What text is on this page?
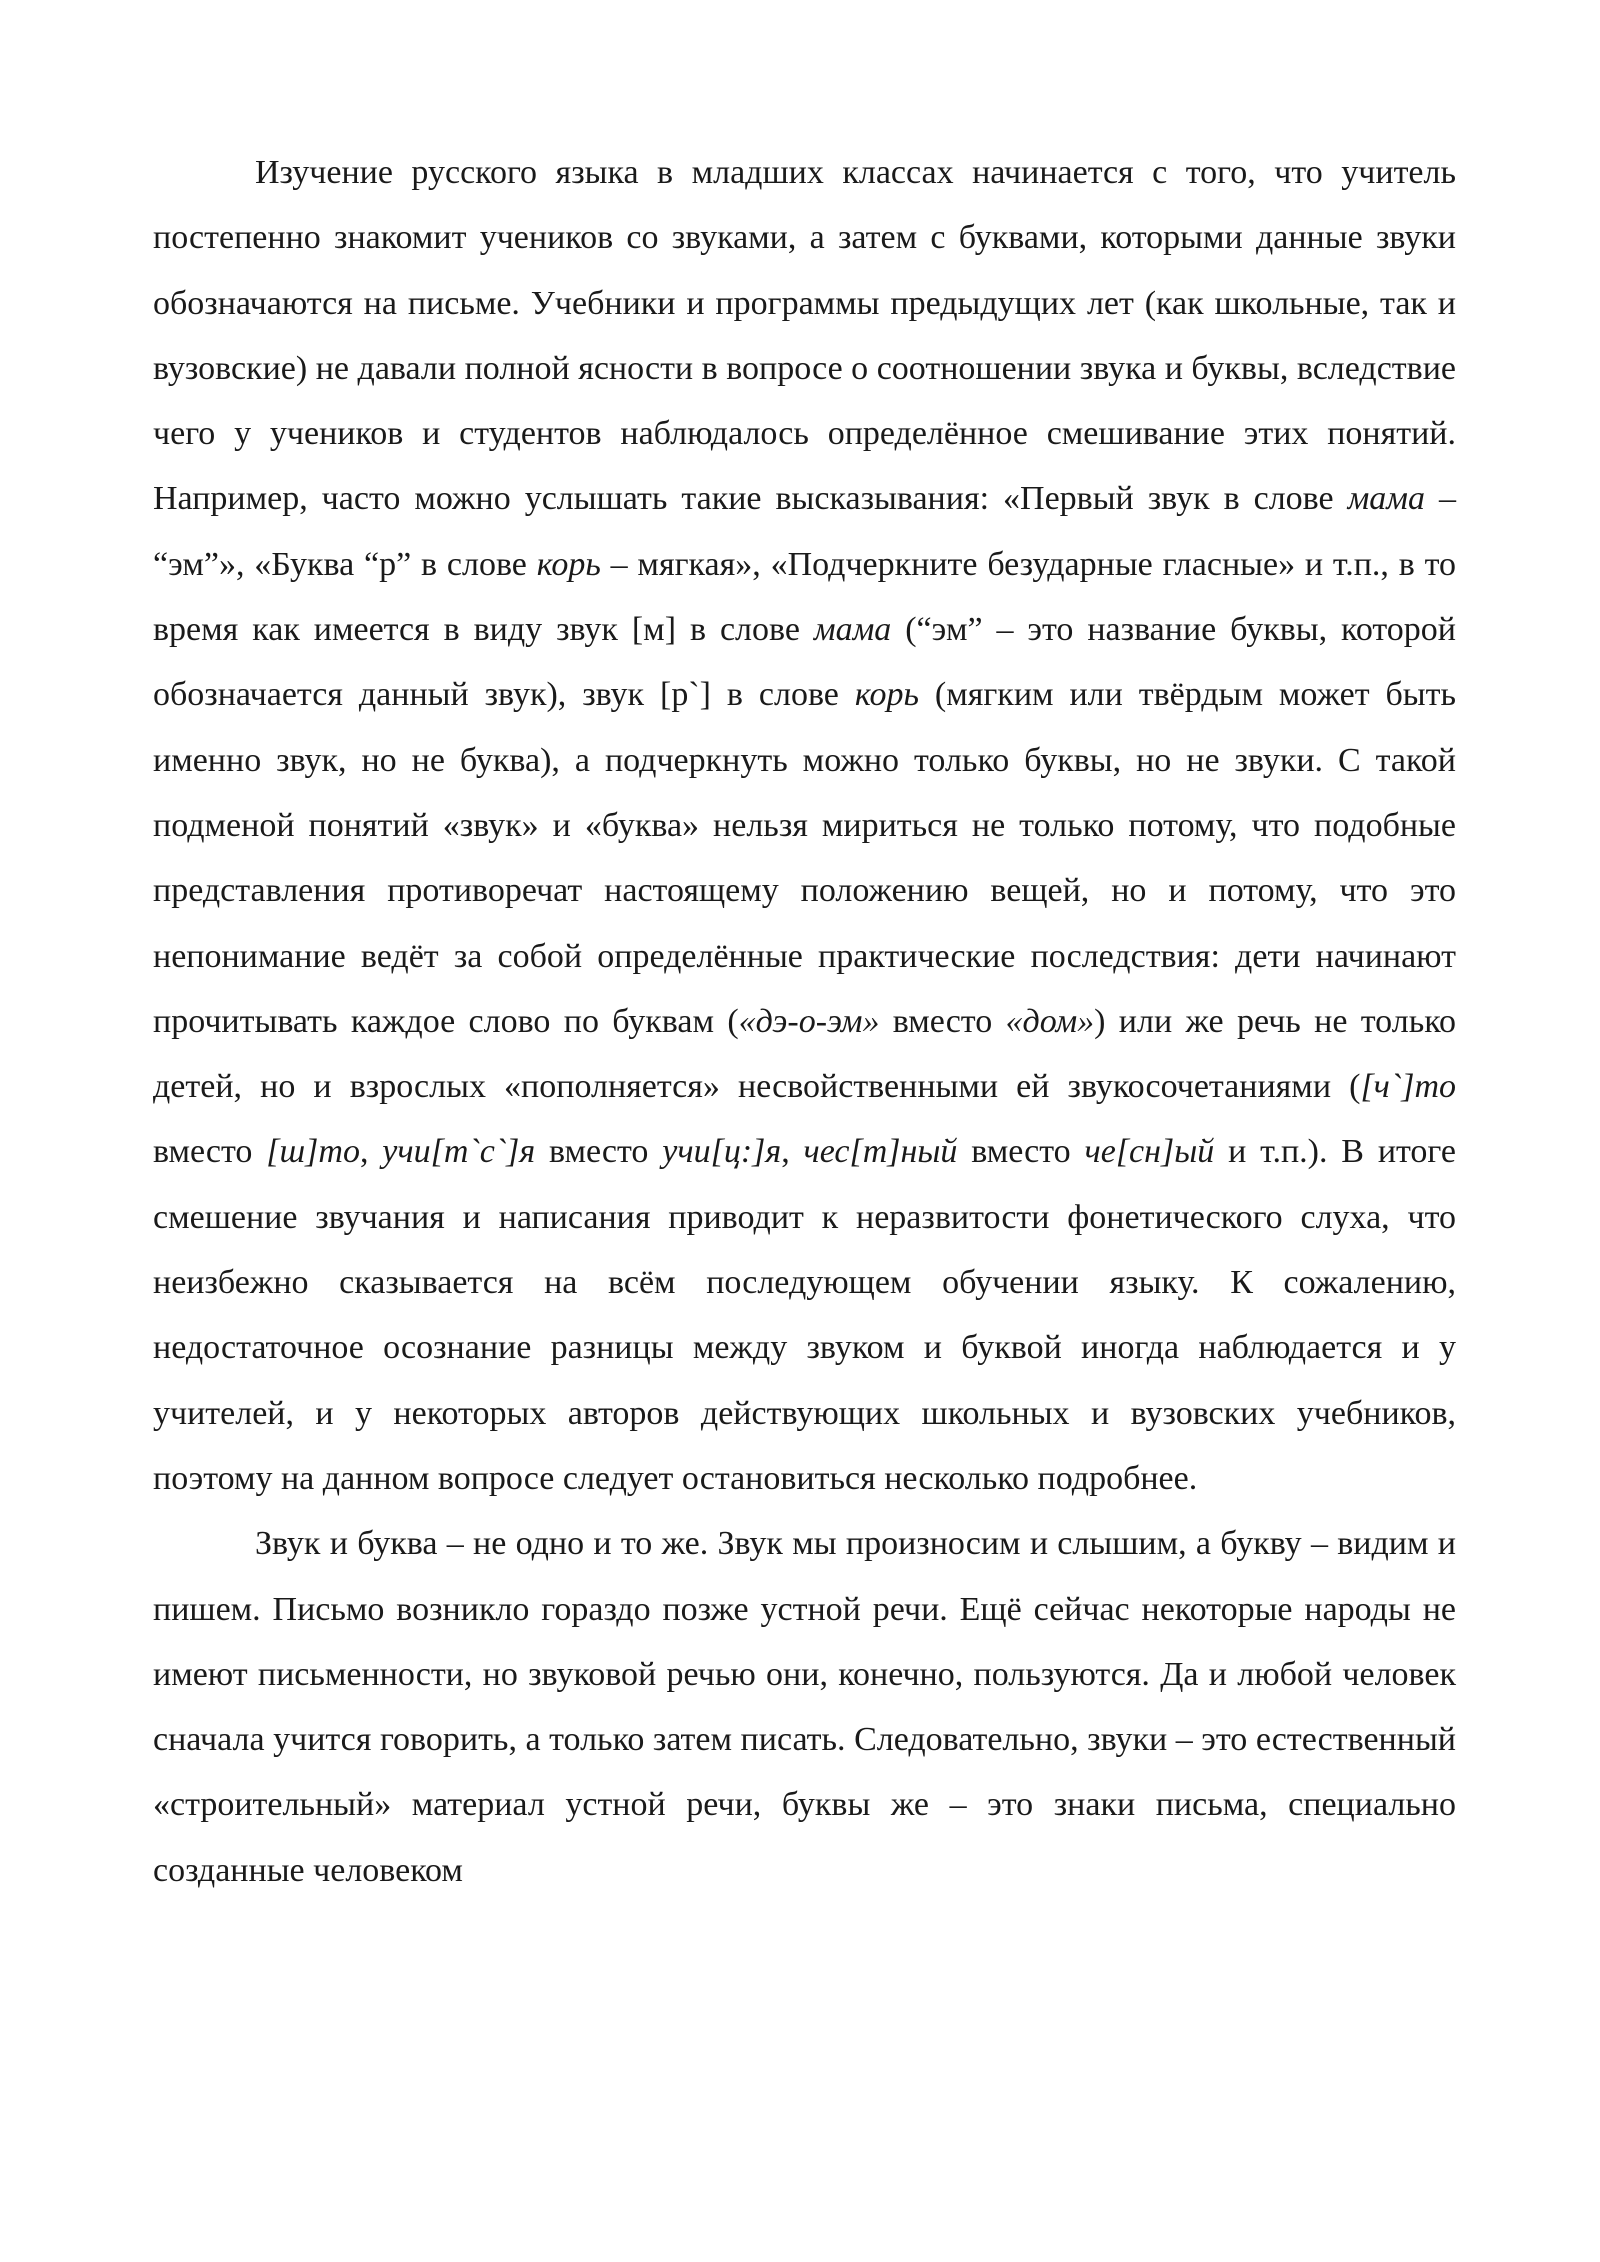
Изучение русского языка в младших классах начинается с того, что учитель постепенно знакомит учеников со звуками, а затем с буквами, которыми данные звуки обозначаются на письме. Учебники и программы предыдущих лет (как школьные, так и вузовские) не давали полной ясности в вопросе о соотношении звука и буквы, вследствие чего у учеников и студентов наблюдалось определённое смешивание этих понятий. Например, часто можно услышать такие высказывания: «Первый звук в слове мама – “эм”», «Буква “р” в слове корь – мягкая», «Подчеркните безударные гласные» и т.п., в то время как имеется в виду звук [м] в слове мама (“эм” – это название буквы, которой обозначается данный звук), звук [р`] в слове корь (мягким или твёрдым может быть именно звук, но не буква), а подчеркнуть можно только буквы, но не звуки. С такой подменой понятий «звук» и «буква» нельзя мириться не только потому, что подобные представления противоречат настоящему положению вещей, но и потому, что это непонимание ведёт за собой определённые практические последствия: дети начинают прочитывать каждое слово по буквам («дэ-о-эм» вместо «дом») или же речь не только детей, но и взрослых «пополняется» несвойственными ей звукосочетаниями ([ч`]то вместо [ш]то, учи[т`с`]я вместо учи[ц:]я, чес[т]ный вместо че[сн]ый и т.п.). В итоге смешение звучания и написания приводит к неразвитости фонетического слуха, что неизбежно сказывается на всём последующем обучении языку. К сожалению, недостаточное осознание разницы между звуком и буквой иногда наблюдается и у учителей, и у некоторых авторов действующих школьных и вузовских учебников, поэтому на данном вопросе следует остановиться несколько подробнее.

Звук и буква – не одно и то же. Звук мы произносим и слышим, а букву – видим и пишем. Письмо возникло гораздо позже устной речи. Ещё сейчас некоторые народы не имеют письменности, но звуковой речью они, конечно, пользуются. Да и любой человек сначала учится говорить, а только затем писать. Следовательно, звуки – это естественный «строительный» материал устной речи, буквы же – это знаки письма, специально созданные человеком
